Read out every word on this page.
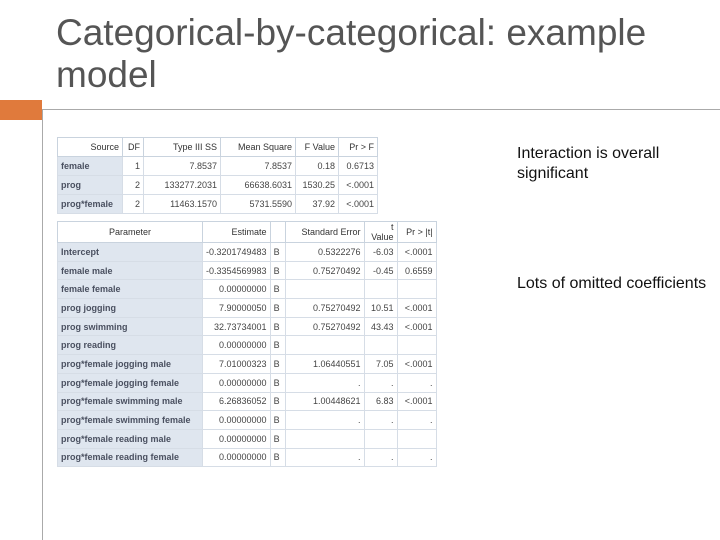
Categorical-by-categorical: example model
Source	DF	Type III SS	Mean Square	F Value	Pr > F
female	1	7.8537	7.8537	0.18	0.6713
prog	2	133277.2031	66638.6031	1530.25	<.0001
prog*female	2	11463.1570	5731.5590	37.92	<.0001
Parameter	Estimate		Standard Error	t Value	Pr > |t|
Intercept	-0.3201749483	B	0.5322276	-6.03	<.0001
female male	-0.3354569983	B	0.75270492	-0.45	0.6559
female female	0.00000000	B			
prog jogging	7.90000050	B	0.75270492	10.51	<.0001
prog swimming	32.73734001	B	0.75270492	43.43	<.0001
prog reading	0.00000000	B			
prog*female jogging male	7.01000323	B	1.06440551	7.05	<.0001
prog*female jogging female	0.00000000	B	.	.	.
prog*female swimming male	6.26836052	B	1.00448621	6.83	<.0001
prog*female swimming female	0.00000000	B	.	.	.
prog*female reading male	0.00000000	B			
prog*female reading female	0.00000000	B	.	.	.
Interaction is overall significant
Lots of omitted coefficients
